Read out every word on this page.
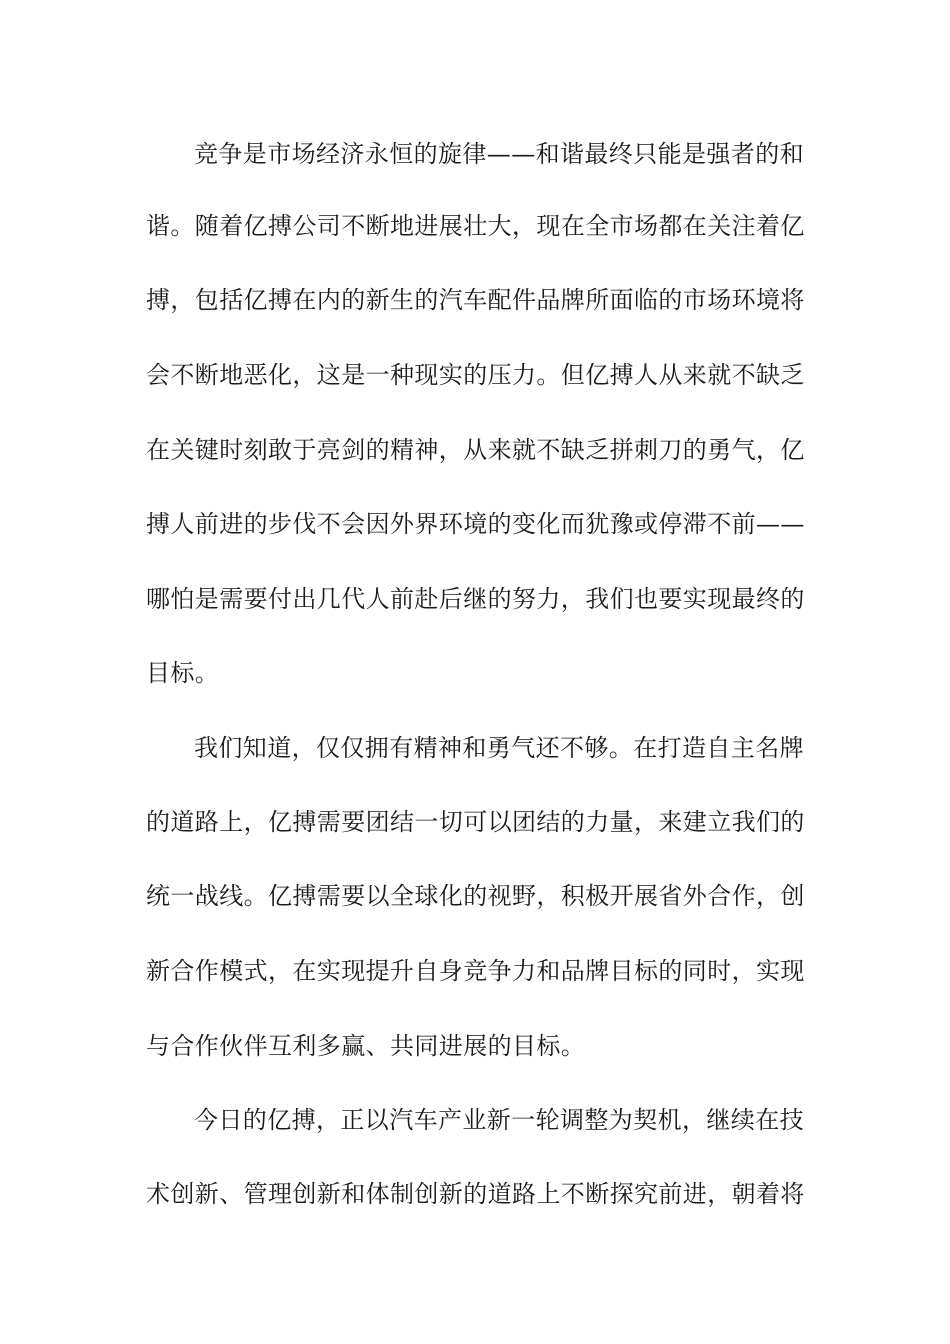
竞争是市场经济永恒的旋律——和谐最终只能是强者的和
谐。随着亿搏公司不断地进展壮大，现在全市场都在关注着亿
搏，包括亿搏在内的新生的汽车配件品牌所面临的市场环境将
会不断地恶化，这是一种现实的压力。但亿搏人从来就不缺乏
在关键时刻敢于亮剑的精神，从来就不缺乏拼刺刀的勇气，亿
搏人前进的步伐不会因外界环境的变化而犹豫或停滞不前——
哪怕是需要付出几代人前赴后继的努力，我们也要实现最终的
目标。
我们知道，仅仅拥有精神和勇气还不够。在打造自主名牌
的道路上，亿搏需要团结一切可以团结的力量，来建立我们的
统一战线。亿搏需要以全球化的视野，积极开展省外合作，创
新合作模式，在实现提升自身竞争力和品牌目标的同时，实现
与合作伙伴互利多赢、共同进展的目标。
今日的亿搏，正以汽车产业新一轮调整为契机，继续在技
术创新、管理创新和体制创新的道路上不断探究前进，朝着将
